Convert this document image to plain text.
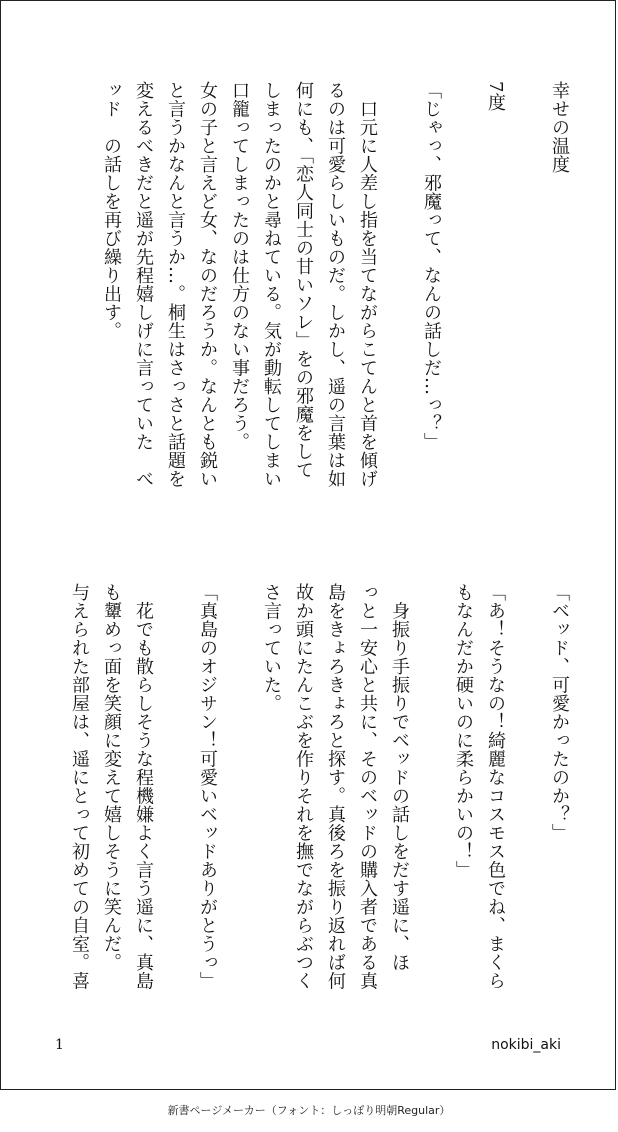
幸せの温度
7度
「じゃっ、邪魔って、なんの話しだ…っ？」
　口元に人差し指を当てながらこてんと首を傾げ
るのは可愛らしいものだ。しかし、遥の言葉は如
何にも、「恋人同士の甘いソレ」をの邪魔をして
しまったのかと尋ねている。気が動転してしまい
口籠ってしまったのは仕方のない事だろう。
女の子と言えど女、なのだろうか。なんとも鋭い
と言うかなんと言うか…。桐生はさっさと話題を
変えるべきだと遥が先程嬉しげに言っていた　べ
ッド　の話しを再び繰り出す。
「ベッド、可愛かったのか？」
「あ！そうなの！綺麗なコスモス色でね、まくら
もなんだか硬いのに柔らかいの！」
　身振り手振りでベッドの話しをだす遥に、ほ
っと一安心と共に、そのベッドの購入者である真
島をきょろきょろと探す。真後ろを振り返れば何
故か頭にたんこぶを作りそれを撫でながらぶつく
さ言っていた。
「真島のオジサン！可愛いベッドありがとうっ」
　花でも散らしそうな程機嫌よく言う遥に、真島
も顰めっ面を笑顔に変えて嬉しそうに笑んだ。
与えられた部屋は、遥にとって初めての自室。喜
1	nokibi_aki
新書ページメーカー（フォント：しっぽり明朝Regular）
